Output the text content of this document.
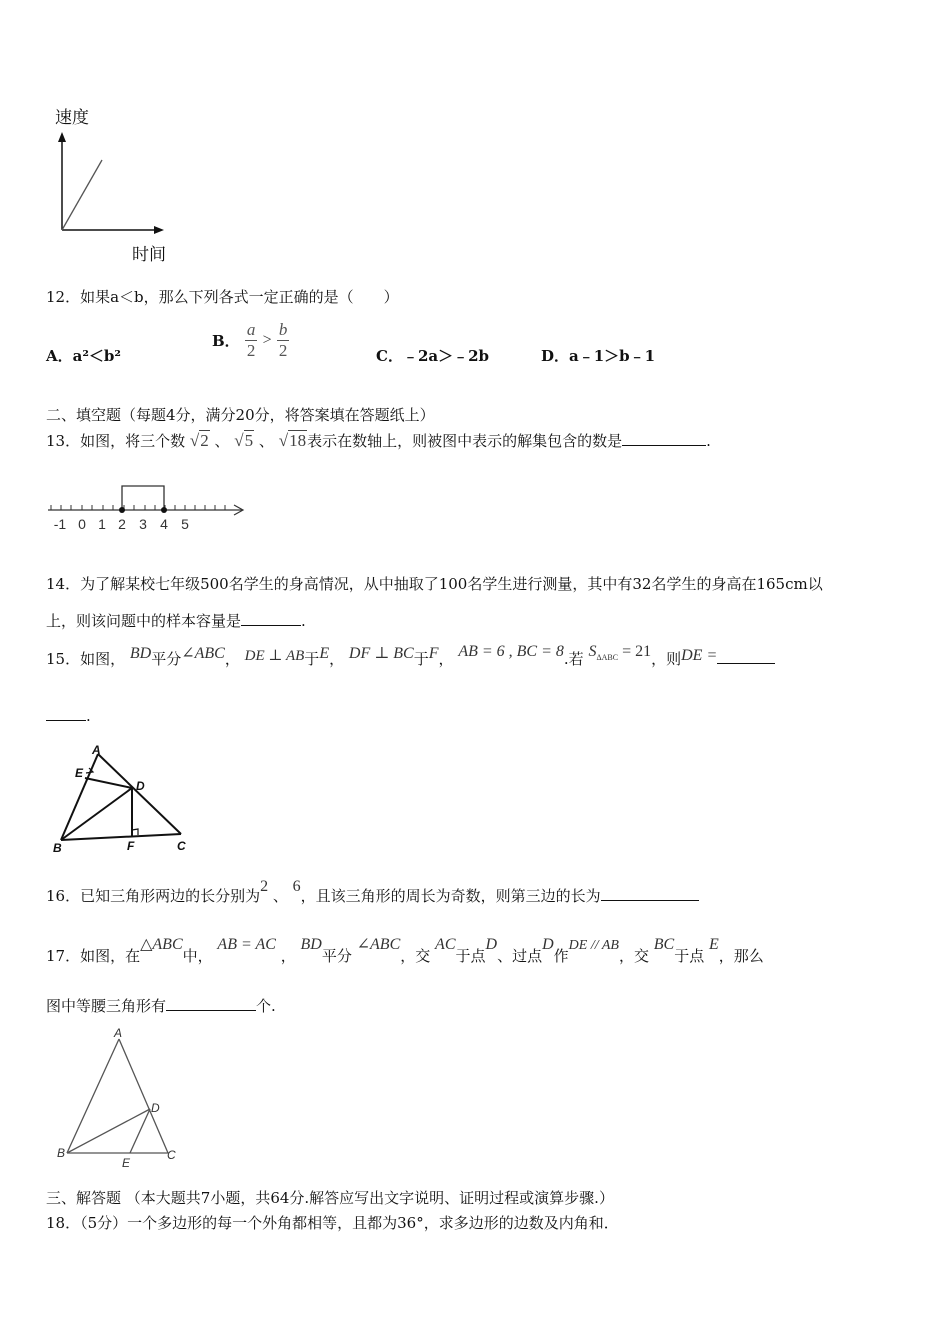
速度
时间
12．如果a＜b，那么下列各式一定正确的是（　　）
A．a²＜b²
B． $\frac{a}{2} > \frac{b}{2}$	C．﹣2a＞﹣2b	D．a﹣1＞b﹣1
二、填空题（每题4分，满分20分，将答案填在答题纸上）
13．如图，将三个数 √2 、 √5 、 √18表示在数轴上，则被图中表示的解集包含的数是	.
-1 0 1 2 3 4 5
14．为了解某校七年级500名学生的身高情况，从中抽取了100名学生进行测量，其中有32名学生的身高在165cm以
上，则该问题中的样本容量是	.
15．如图， BD平分∠ABC， DE ⊥ AB于E， DF ⊥ BC于F， AB = 6 , BC = 8.若 $S_{\Delta ABC} = 21$，则DE =
.
A
E
D
B	F	C
16．已知三角形两边的长分别为2 、 6，且该三角形的周长为奇数，则第三边的长为
17．如图，在△ABC中， AB = AC ， BD平分 ∠ABC，交 AC于点D、过点D作DE // AB，交 BC于点 E，那么
图中等腰三角形有	个.
A
D
B
E
C
三、解答题 （本大题共7小题，共64分.解答应写出文字说明、证明过程或演算步骤.）
18．（5分）一个多边形的每一个外角都相等，且都为36°，求多边形的边数及内角和．
